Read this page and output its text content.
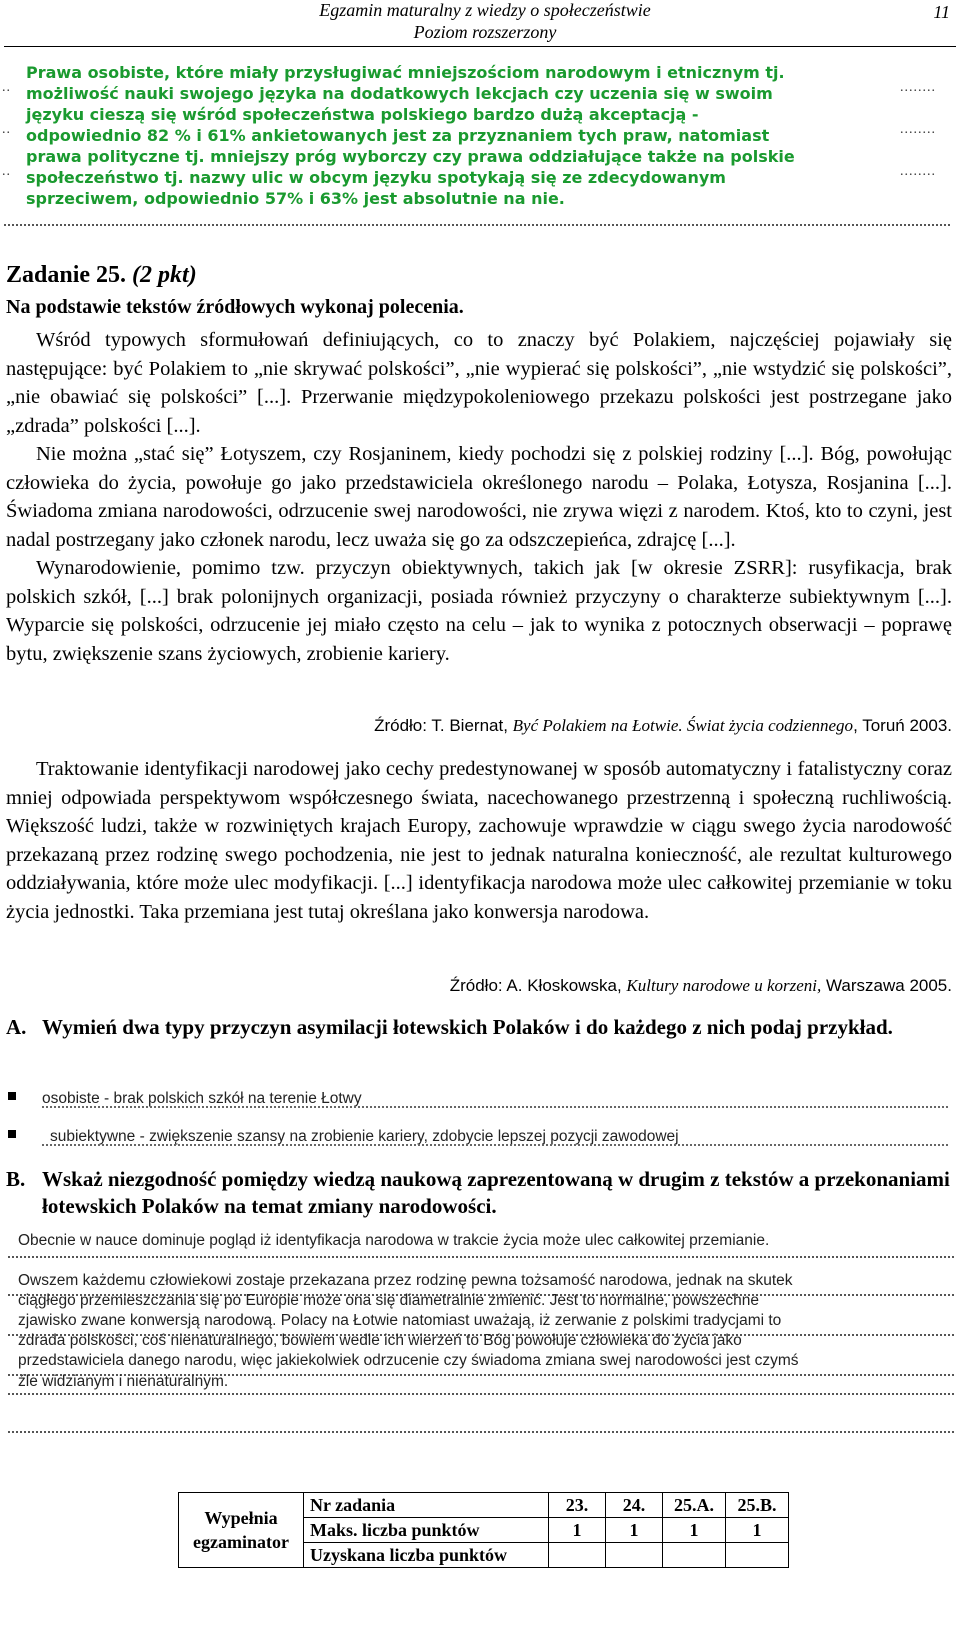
Egzamin maturalny z wiedzy o społeczeństwie
Poziom rozszerzony
11
Prawa osobiste, które miały przysługiwać mniejszościom narodowym i etnicznym tj.
możliwość nauki swojego języka na dodatkowych lekcjach czy uczenia się w swoim
języku cieszą się wśród społeczeństwa polskiego bardzo dużą akceptacją -
odpowiednio 82 % i 61% ankietowanych jest za przyznaniem tych praw, natomiast
prawa polityczne tj. mniejszy próg wyborczy czy prawa oddziałujące także na polskie
społeczeństwo tj. nazwy ulic w obcym języku spotykają się ze zdecydowanym
sprzeciwem, odpowiednio 57% i 63% jest absolutnie na nie.
..
..
..
........
........
........
Zadanie 25. (2 pkt)
Na podstawie tekstów źródłowych wykonaj polecenia.

Wśród typowych sformułowań definiujących, co to znaczy być Polakiem, najczęściej pojawiały się następujące: być Polakiem to „nie skrywać polskości”, „nie wypierać się polskości”, „nie wstydzić się polskości”, „nie obawiać się polskości” [...]. Przerwanie międzypokoleniowego przekazu polskości jest postrzegane jako „zdrada” polskości [...].

Nie można „stać się” Łotyszem, czy Rosjaninem, kiedy pochodzi się z polskiej rodziny [...]. Bóg, powołując człowieka do życia, powołuje go jako przedstawiciela określonego narodu – Polaka, Łotysza, Rosjanina [...]. Świadoma zmiana narodowości, odrzucenie swej narodowości, nie zrywa więzi z narodem. Ktoś, kto to czyni, jest nadal postrzegany jako członek narodu, lecz uważa się go za odszczepieńca, zdrajcę [...].

Wynarodowienie, pomimo tzw. przyczyn obiektywnych, takich jak [w okresie ZSRR]: rusyfikacja, brak polskich szkół, [...] brak polonijnych organizacji, posiada również przyczyny o charakterze subiektywnym [...]. Wyparcie się polskości, odrzucenie jej miało często na celu – jak to wynika z potocznych obserwacji – poprawę bytu, zwiększenie szans życiowych, zrobienie kariery.

Źródło: T. Biernat, Być Polakiem na Łotwie. Świat życia codziennego, Toruń 2003.

Traktowanie identyfikacji narodowej jako cechy predestynowanej w sposób automatyczny i fatalistyczny coraz mniej odpowiada perspektywom współczesnego świata, nacechowanego przestrzenną i społeczną ruchliwością. Większość ludzi, także w rozwiniętych krajach Europy, zachowuje wprawdzie w ciągu swego życia narodowość przekazaną przez rodzinę swego pochodzenia, nie jest to jednak naturalna konieczność, ale rezultat kulturowego oddziaływania, które może ulec modyfikacji. [...] identyfikacja narodowa może ulec całkowitej przemianie w toku życia jednostki. Taka przemiana jest tutaj określana jako konwersja narodowa.

Źródło: A. Kłoskowska, Kultury narodowe u korzeni, Warszawa 2005.
A. Wymień dwa typy przyczyn asymilacji łotewskich Polaków i do każdego z nich podaj przykład.
osobiste - brak polskich szkół na terenie Łotwy
subiektywne - zwiększenie szansy na zrobienie kariery, zdobycie lepszej pozycji zawodowej
B. Wskaż niezgodność pomiędzy wiedzą naukową zaprezentowaną w drugim z tekstów a przekonaniami łotewskich Polaków na temat zmiany narodowości.
Obecnie w nauce dominuje pogląd iż identyfikacja narodowa w trakcie życia może ulec całkowitej przemianie.
Owszem każdemu człowiekowi zostaje przekazana przez rodzinę pewna tożsamość narodowa, jednak na skutek
ciągłego przemieszczania się po Europie może ona się diametralnie zmienić. Jest to normalne, powszechne
zjawisko zwane konwersją narodową. Polacy na Łotwie natomiast uważają, iż zerwanie z polskimi tradycjami to
zdrada polskości, coś nienaturalnego, bowiem wedle ich wierzeń to Bóg powołuje człowieka do życia jako
przedstawiciela danego narodu, więc jakiekolwiek odrzucenie czy świadoma zmiana swej narodowości jest czymś
źle widzianym i nienaturalnym.
Wypełnia
egzaminator	Nr zadania	23.	24.	25.A.	25.B.
	Maks. liczba punktów	1	1	1	1
	Uzyskana liczba punktów				
